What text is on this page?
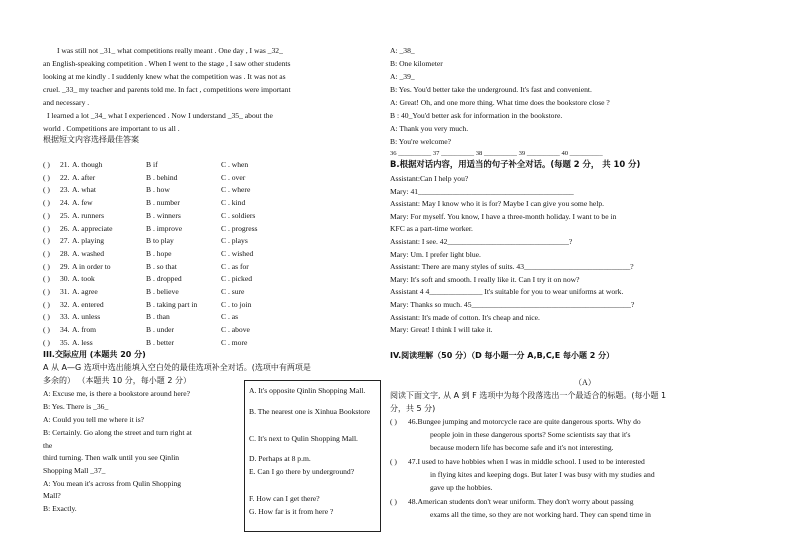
I was still not _31_ what competitions really meant . One day , I was _32_
an English-speaking competition . When I went to the stage , I saw other students
looking at me kindly . I suddenly knew what the competition was . It was not as
cruel. _33_ my teacher and parents told me. In fact , competitions were important
and necessary .
I learned a lot _34_ what I experienced . Now I understand _35_ about the
world . Competitions are important to us all .
根据短文内容选择最佳答案
( ) 21. A. though	B if	C . when
( ) 22. A. after	B . behind	C . over
( ) 23. A. what	B . how	C . where
( ) 24. A. few	B . number	C . kind
( ) 25. A. runners	B . winners	C . soldiers
( ) 26. A. appreciate	B . improve	C . progress
( ) 27. A. playing	B to play	C . plays
( ) 28. A. washed	B . hope	C . wished
( ) 29. A in order to	B . so that	C . as for
( ) 30. A. took	B . dropped	C . picked
( ) 31. A. agree	B . believe	C . sure
( ) 32. A. entered	B . taking part in	C . to join
( ) 33. A. unless	B . than	C . as
( ) 34. A. from	B . under	C . above
( ) 35. A. less	B . better	C . more
III.交际应用 (本题共 20 分)
A 从 A—G 选项中选出能填入空白处的最佳选项补全对话。(选项中有两项是
多余的） （本题共 10 分，每小题 2 分）
A: Excuse me, is there a bookstore around here?
B: Yes. There is _36_
A: Could you tell me where it is?
B: Certainly. Go along the street and turn right at
the
third turning. Then walk until you see Qinlin
Shopping Mall _37_
A: You mean it's across from Qulin Shopping
Mall?
B: Exactly.
A. It's opposite Qinlin Shopping Mall.
B. The nearest one is Xinhua Bookstore
C. It's next to Qulin Shopping Mall.
D. Perhaps at 8 p.m.
E. Can I go there by underground?
F. How can I get there?
G. How far is it from here ?
A: _38_
B: One kilometer
A: _39_
B: Yes. You'd better take the underground. It's fast and convenient.
A: Great! Oh, and one more thing. What time does the bookstore close ?
B : 40_You'd better ask for information in the bookstore.
A: Thank you very much.
B: You're welcome?
36 __________ 37 __________ 38 __________ 39 __________ 40 __________
B.根据对话内容，用适当的句子补全对话。(每题 2 分， 共 10 分)
Assistant:Can I help you?
Mary: 41_________________________________________
Assistant: May I know who it is for? Maybe I can give you some help.
Mary: For myself. You know, I have a three-month holiday. I want to be in
KFC as a part-time worker.
Assistant: I see. 42________________________________?
Mary: Um. I prefer light blue.
Assistant: There are many styles of suits. 43____________________________?
Mary: It's soft and smooth. I really like it. Can I try it on now?
Assistant 4 4______________ It's suitable for you to wear uniforms at work.
Mary: Thanks so much. 45__________________________________________?
Assistant: It's made of cotton. It's cheap and nice.
Mary: Great! I think I will take it.
IV.阅读理解（50 分）（D 每小题一分 A,B,C,E 每小题 2 分）
（A）
阅读下面文字, 从 A 到 F 选项中为每个段落选出一个最适合的标题。(每小题 1
分，共 5 分)
( ) 46.Bungee jumping and motorcycle race are quite dangerous sports. Why do
people join in these dangerous sports? Some scientists say that it's
because modern life has become safe and it's not interesting.
( ) 47.I used to have hobbies when I was in middle school. I used to be interested
in flying kites and keeping dogs. But later I was busy with my studies and
gave up the hobbies.
( ) 48.American students don't wear uniform. They don't worry about passing
exams all the time, so they are not working hard. They can spend time in
